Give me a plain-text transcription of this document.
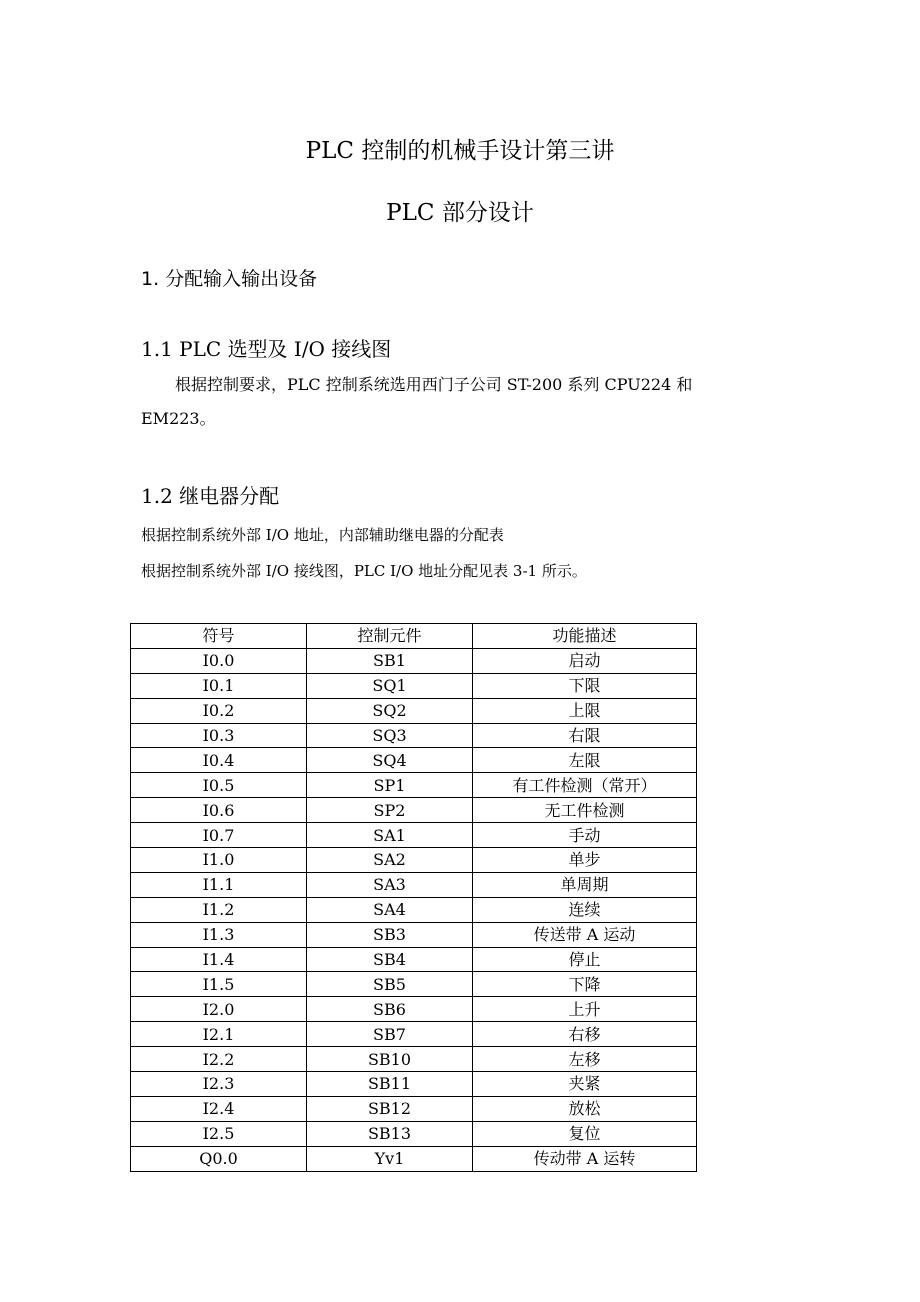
PLC 控制的机械手设计第三讲
PLC 部分设计
1. 分配输入输出设备
1.1 PLC 选型及 I/O 接线图
根据控制要求，PLC 控制系统选用西门子公司 ST-200 系列 CPU224 和
EM223。
1.2 继电器分配
根据控制系统外部 I/O 地址，内部辅助继电器的分配表
根据控制系统外部 I/O 接线图，PLC I/O 地址分配见表 3-1 所示。
符号	控制元件	功能描述
I0.0	SB1	启动
I0.1	SQ1	下限
I0.2	SQ2	上限
I0.3	SQ3	右限
I0.4	SQ4	左限
I0.5	SP1	有工件检测（常开）
I0.6	SP2	无工件检测
I0.7	SA1	手动
I1.0	SA2	单步
I1.1	SA3	单周期
I1.2	SA4	连续
I1.3	SB3	传送带 A 运动
I1.4	SB4	停止
I1.5	SB5	下降
I2.0	SB6	上升
I2.1	SB7	右移
I2.2	SB10	左移
I2.3	SB11	夹紧
I2.4	SB12	放松
I2.5	SB13	复位
Q0.0	Yv1	传动带 A 运转
